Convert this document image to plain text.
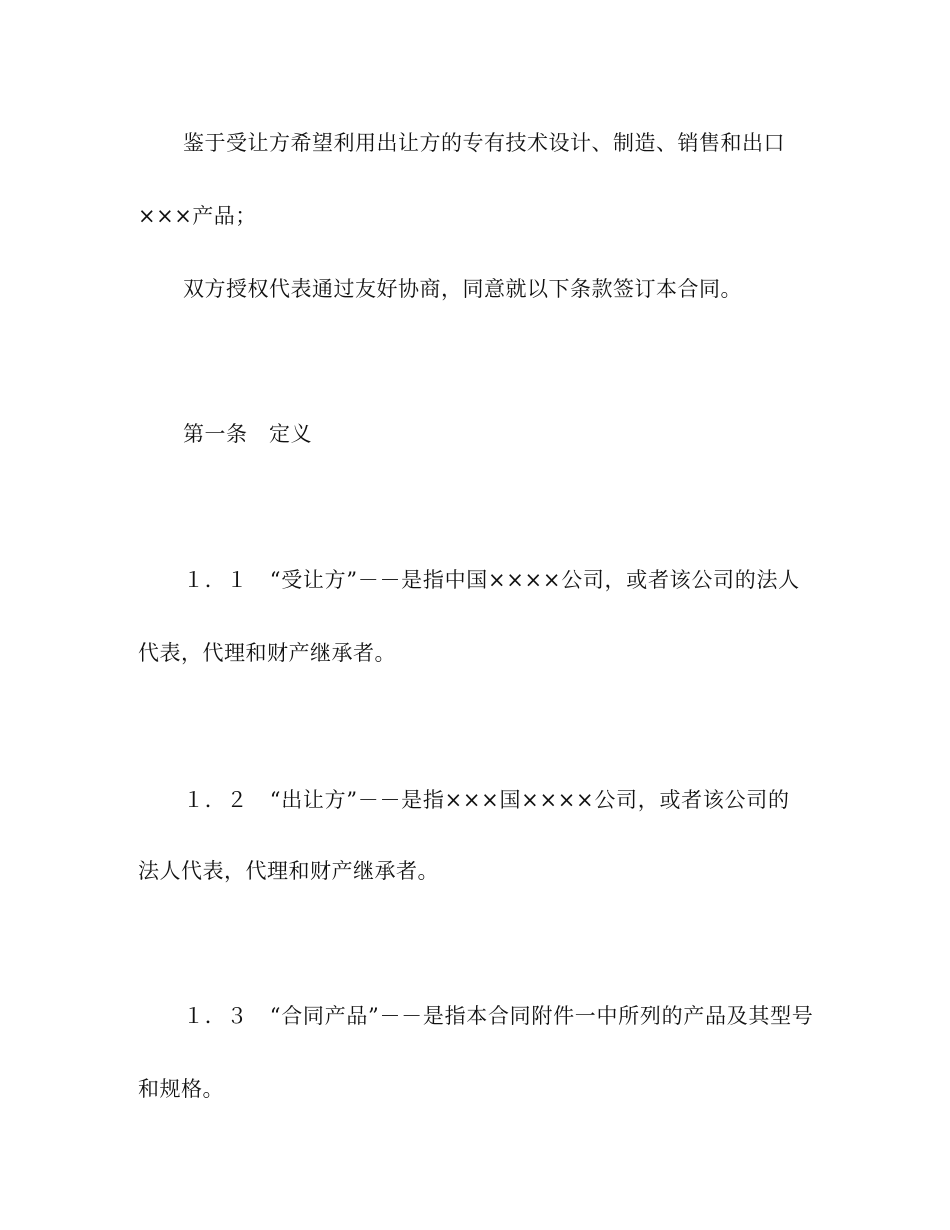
鉴于受让方希望利用出让方的专有技术设计、制造、销售和出口
×××产品；
双方授权代表通过友好协商，同意就以下条款签订本合同。
第一条　定义
１．１　“受让方”－－是指中国××××公司，或者该公司的法人
代表，代理和财产继承者。
１．２　“出让方”－－是指×××国××××公司，或者该公司的
法人代表，代理和财产继承者。
１．３　“合同产品”－－是指本合同附件一中所列的产品及其型号
和规格。
